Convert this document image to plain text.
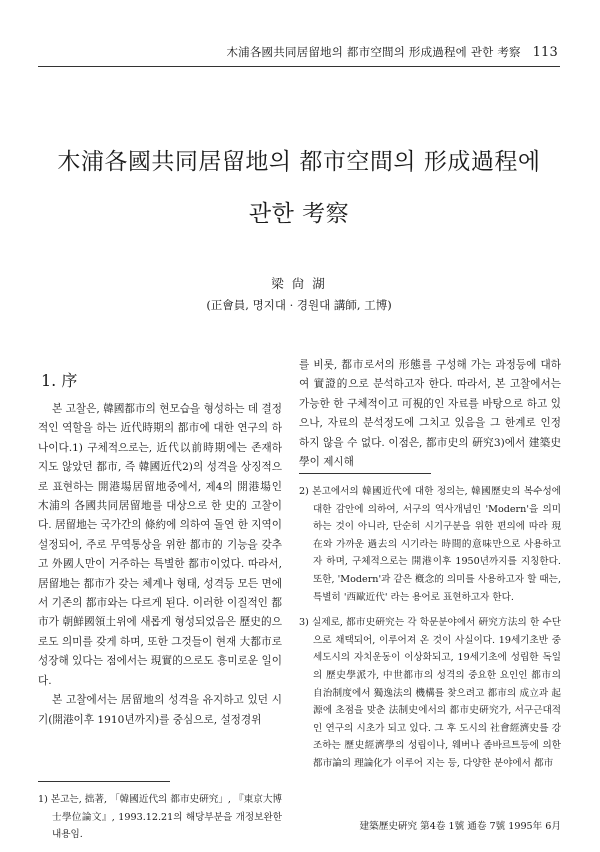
木浦各國共同居留地의 都市空間의 形成過程에 관한 考察 113
木浦各國共同居留地의 都市空間의 形成過程에
관한 考察
梁 尙 湖
(正會員, 명지대 · 경원대 講師, 工博)
1. 序

본 고찰은, 韓國都市의 현모습을 형성하는 데 결정적인 역할을 하는 近代時期의 都市에 대한 연구의 하나이다.1) 구체적으로는, 近代以前時期에는 존재하지도 않았던 都市, 즉 韓國近代2)의 성격을 상징적으로 표현하는 開港場居留地중에서, 제4의 開港場인 木浦의 各國共同居留地를 대상으로 한 史的 고찰이다. 居留地는 국가간의 條約에 의하여 돌연 한 지역이 설정되어, 주로 무역통상을 위한 都市的 기능을 갖추고 外國人만이 거주하는 특별한 都市이었다. 따라서, 居留地는 都市가 갖는 체계나 형태, 성격등 모든 면에서 기존의 都市와는 다르게 된다. 이러한 이질적인 都市가 朝鮮國領土위에 새롭게 형성되었음은 歷史的으로도 의미를 갖게 하며, 또한 그것들이 현재 大都市로 성장해 있다는 점에서는 現實的으로도 흥미로운 일이다.

본 고찰에서는 居留地의 성격을 유지하고 있던 시기(開港이후 1910년까지)를 중심으로, 설정경위

를 비롯, 都市로서의 形態를 구성해 가는 과정등에 대하여 實證的으로 분석하고자 한다. 따라서, 본 고찰에서는 가능한 한 구체적이고 可視的인 자료를 바탕으로 하고 있으나, 자료의 분석정도에 그치고 있음을 그 한계로 인정하지 않을 수 없다. 이점은, 都市史의 硏究3)에서 建築史學이 제시해

2) 본고에서의 韓國近代에 대한 정의는, 韓國歷史의 복수성에 대한 감안에 의하여, 서구의 역사개념인 'Modern'을 의미하는 것이 아니라, 단순히 시기구분을 위한 편의에 따라 現在와 가까운 過去의 시기라는 時間的意味만으로 사용하고자 하며, 구체적으로는 開港이후 1950년까지를 지칭한다. 또한, 'Modern'과 같은 槪念的 의미를 사용하고자 할 때는, 특별히 '西歐近代' 라는 용어로 표현하고자 한다.

3) 실제로, 都市史硏究는 각 학문분야에서 硏究方法의 한 수단으로 채택되어, 이루어져 온 것이 사실이다. 19세기초반 중세도시의 자치운동이 이상화되고, 19세기초에 성립한 독일의 歷史學派가, 中世都市의 성격의 중요한 요인인 都市의 自治制度에서 獨逸法의 機構를 찾으려고 都市의 成立과 起源에 초점을 맞춘 法制史에서의 都市史硏究가, 서구근대적인 연구의 시초가 되고 있다. 그 후 도시의 社會經濟史를 강조하는 歷史經濟學의 성립이나, 웨버나 좀바르트등에 의한 都市論의 理論化가 이루어 지는 등, 다양한 분야에서 都市

1) 본고는, 拙著, 「韓國近代의 都市史硏究」, 『東京大博士學位論文』, 1993.12.21의 해당부분을 개정보완한 내용임.

建築歷史硏究 第4卷 1號 通卷 7號 1995年 6月
